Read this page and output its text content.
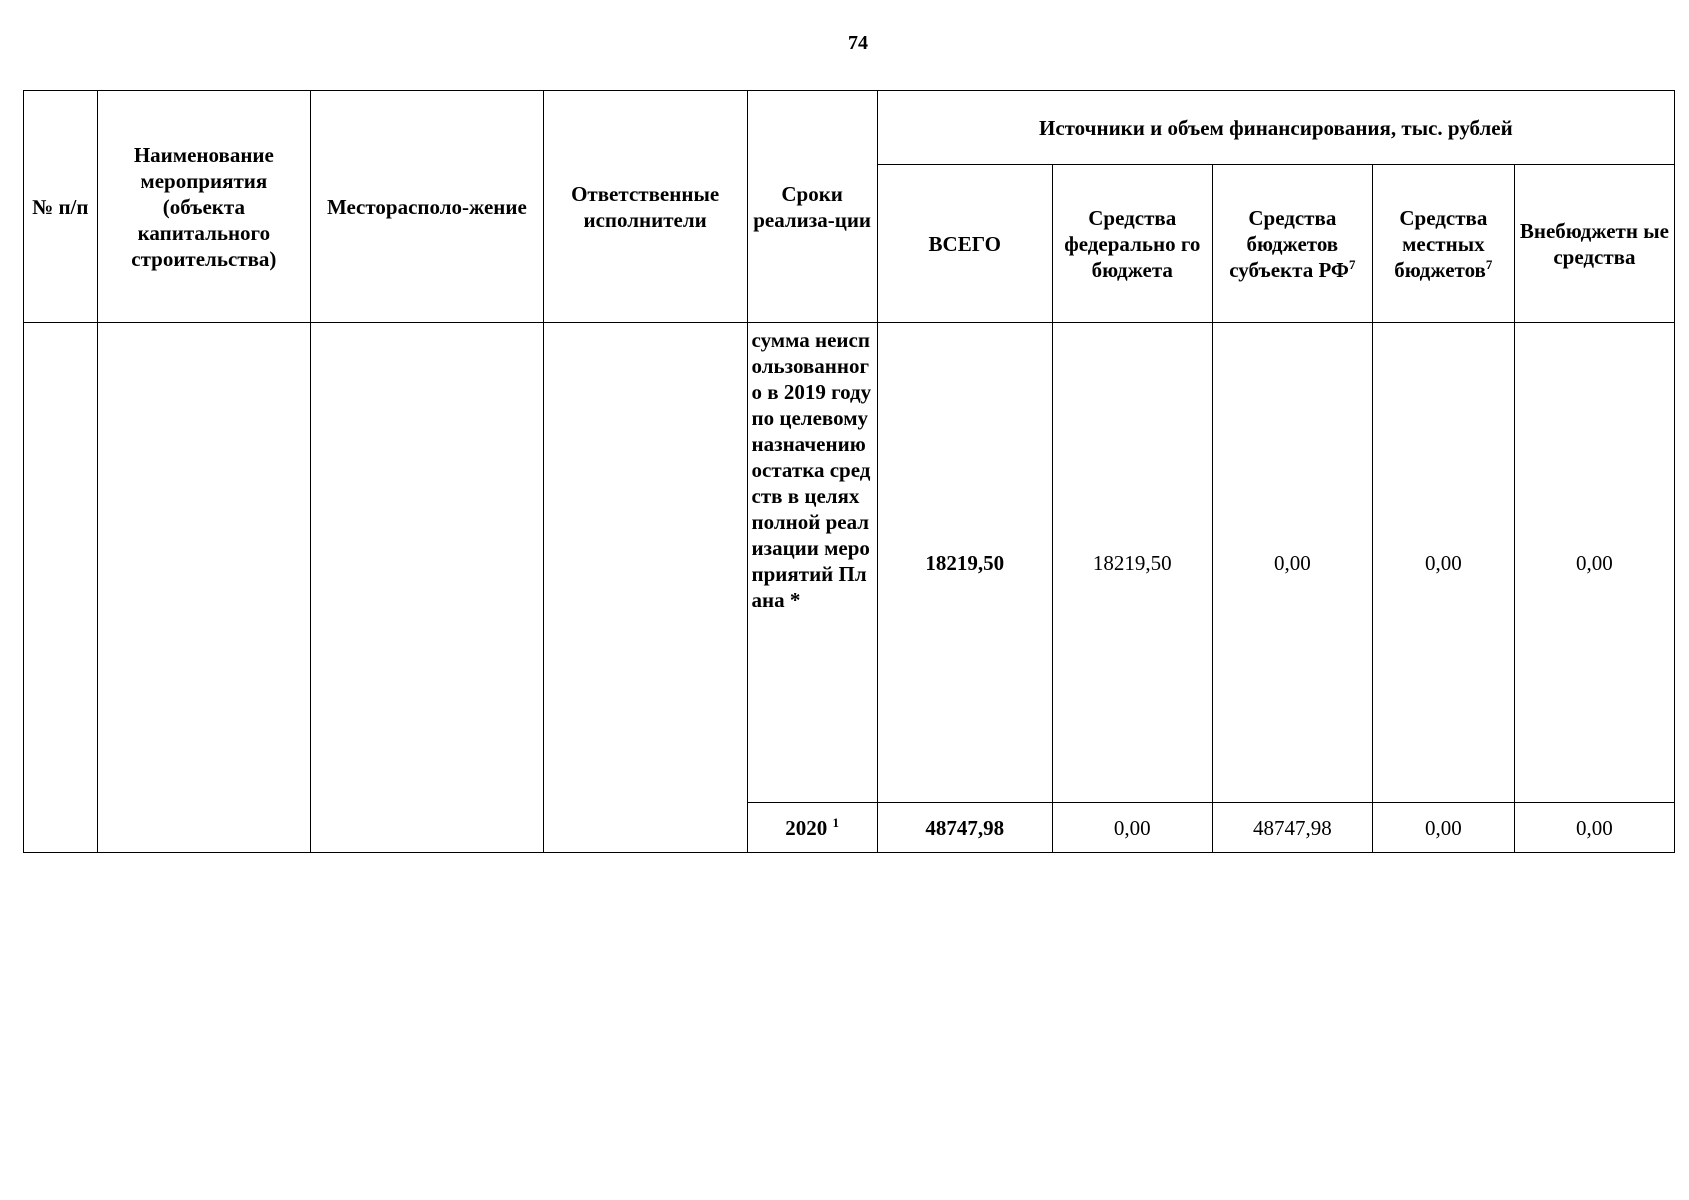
74
№ п/п	Наименование мероприятия (объекта капитального строительства)	Месторасполо-жение	Ответственные исполнители	Сроки реализа-ции	Источники и объем финансирования, тыс. рублей				
					ВСЕГО	Средства федерально го бюджета	Средства бюджетов субъекта $РФ^7$	Средства местных бюджетов$^7$	Внебюджетн ые средства
				сумма неиспользованного в 2019 году по целевому назначению остатка средств в целях полной реализации мероприятий Плана *	18219,50	18219,50	0,00	0,00	0,00
				2020 $^1$	48747,98	0,00	48747,98	0,00	0,00
